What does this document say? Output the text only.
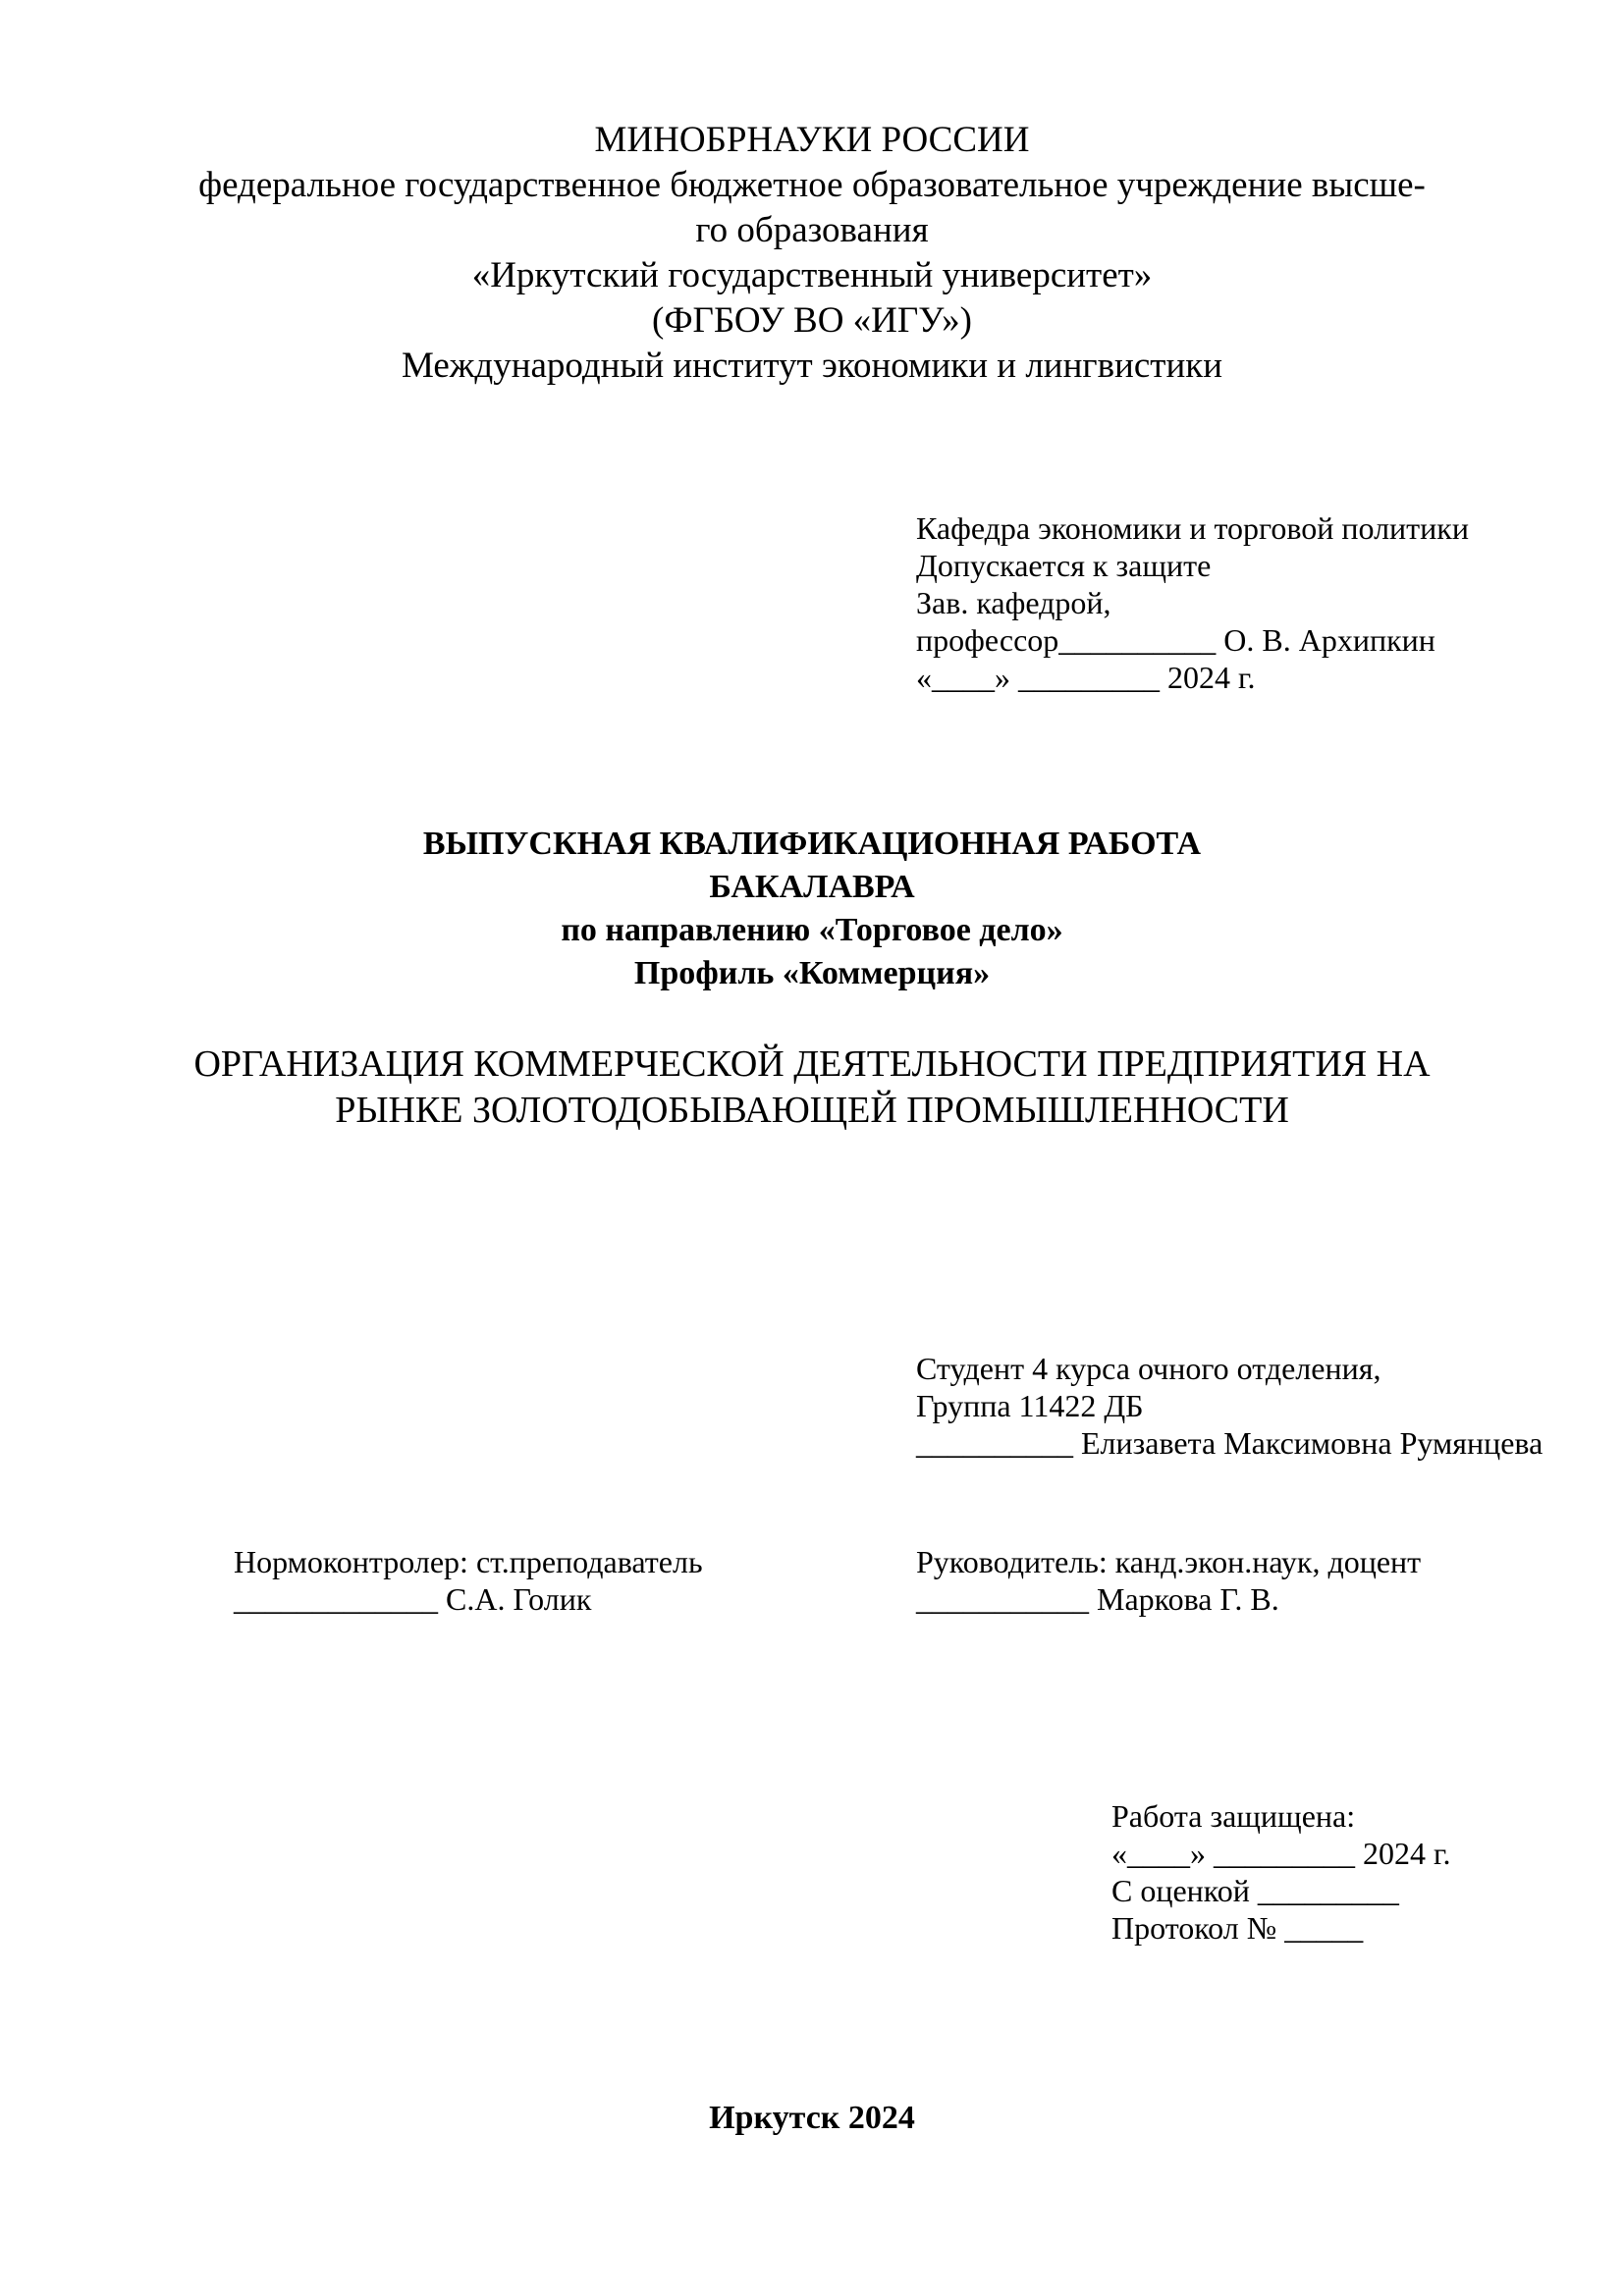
МИНОБРНАУКИ РОССИИ
федеральное государственное бюджетное образовательное учреждение высше-
го образования
«Иркутский государственный университет»
(ФГБОУ ВО «ИГУ»)
Международный институт экономики и лингвистики
Кафедра экономики и торговой политики
Допускается к защите
Зав. кафедрой,
профессор__________ О. В. Архипкин
«____» _________ 2024 г.
ВЫПУСКНАЯ КВАЛИФИКАЦИОННАЯ РАБОТА
БАКАЛАВРА
по направлению «Торговое дело»
Профиль «Коммерция»
ОРГАНИЗАЦИЯ КОММЕРЧЕСКОЙ ДЕЯТЕЛЬНОСТИ ПРЕДПРИЯТИЯ НА
РЫНКЕ ЗОЛОТОДОБЫВАЮЩЕЙ ПРОМЫШЛЕННОСТИ
Студент 4 курса очного отделения,
Группа 11422 ДБ
__________ Елизавета Максимовна Румянцева
Нормоконтролер: ст.преподаватель
_____________ С.А. Голик
Руководитель: канд.экон.наук, доцент
___________ Маркова Г. В.
Работа защищена:
«____» _________ 2024 г.
С оценкой _________
Протокол № _____
Иркутск 2024
